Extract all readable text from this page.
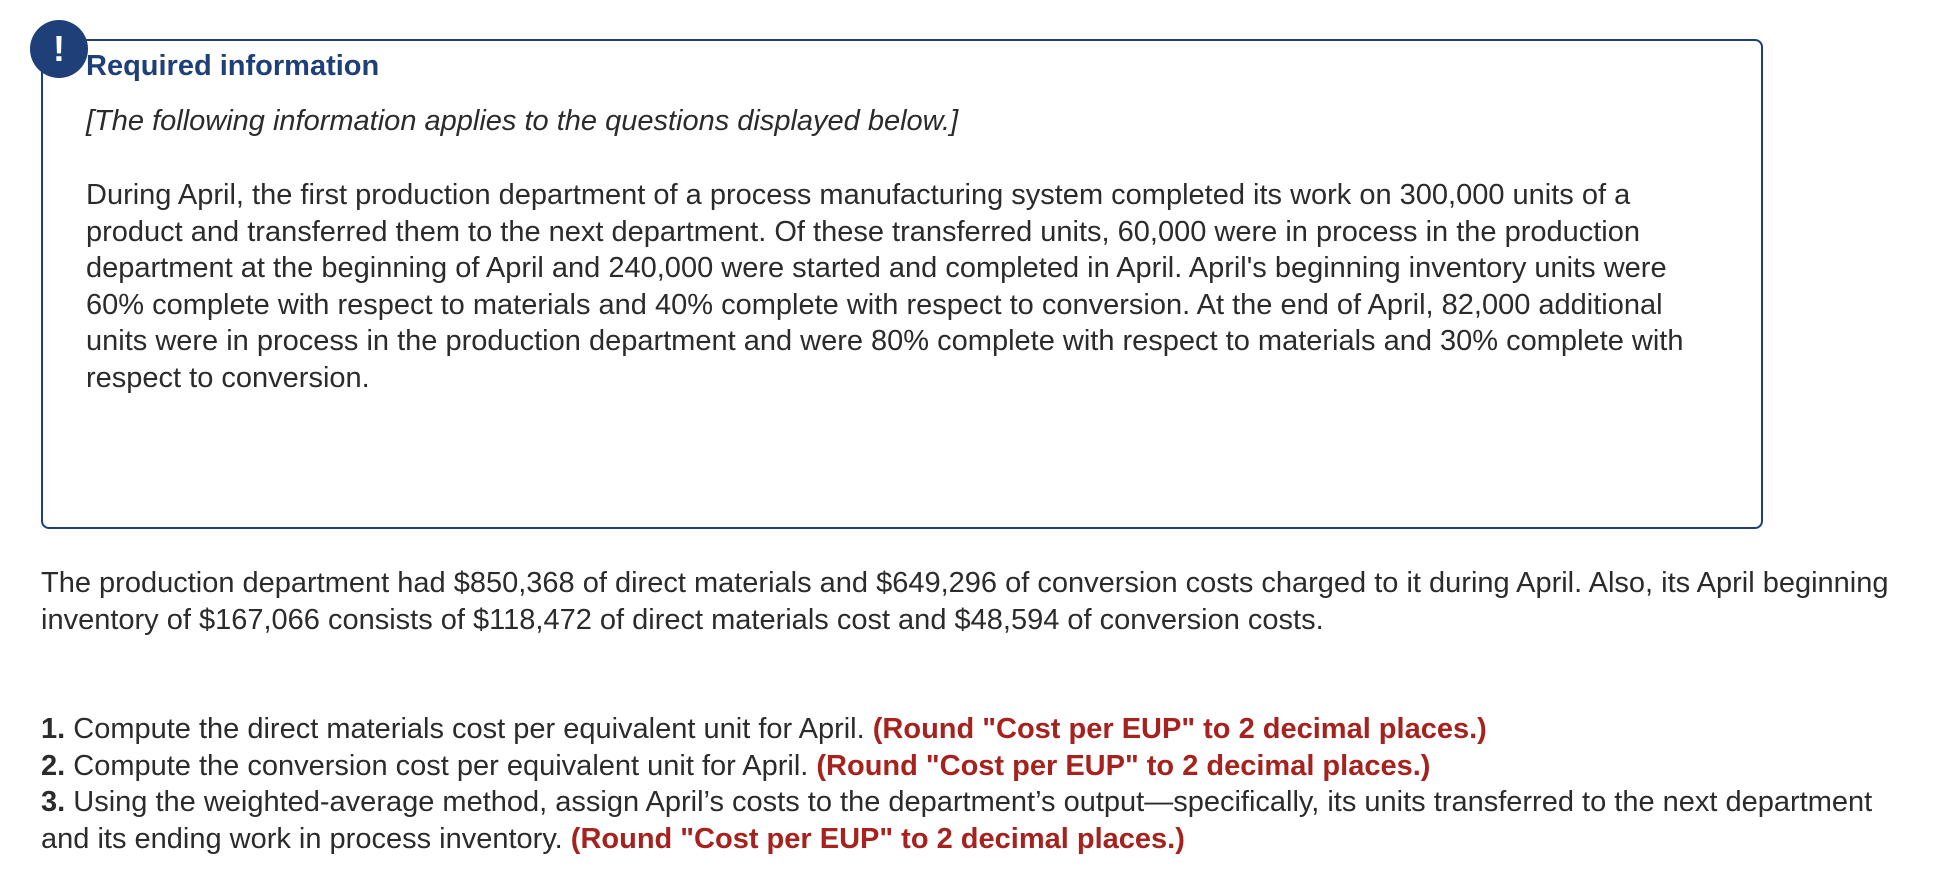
! Required information

[The following information applies to the questions displayed below.]

During April, the first production department of a process manufacturing system completed its work on 300,000 units of a product and transferred them to the next department. Of these transferred units, 60,000 were in process in the production department at the beginning of April and 240,000 were started and completed in April. April's beginning inventory units were 60% complete with respect to materials and 40% complete with respect to conversion. At the end of April, 82,000 additional units were in process in the production department and were 80% complete with respect to materials and 30% complete with respect to conversion.

The production department had $850,368 of direct materials and $649,296 of conversion costs charged to it during April. Also, its April beginning inventory of $167,066 consists of $118,472 of direct materials cost and $48,594 of conversion costs.

1. Compute the direct materials cost per equivalent unit for April. (Round "Cost per EUP" to 2 decimal places.)
2. Compute the conversion cost per equivalent unit for April. (Round "Cost per EUP" to 2 decimal places.)
3. Using the weighted-average method, assign April’s costs to the department’s output—specifically, its units transferred to the next department and its ending work in process inventory. (Round "Cost per EUP" to 2 decimal places.)
